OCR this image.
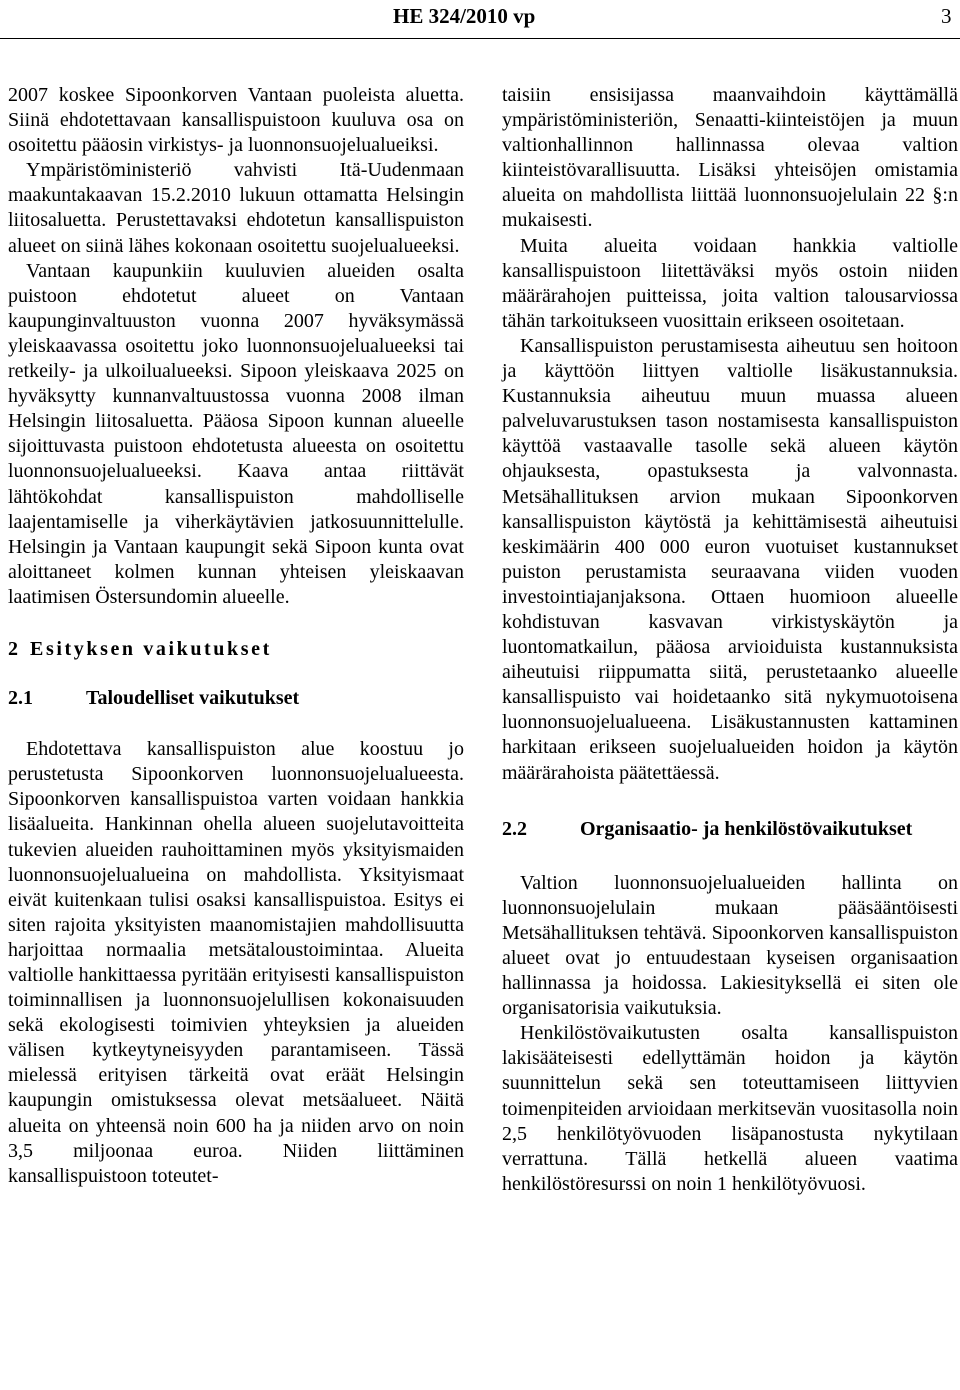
HE 324/2010 vp	3

2007 koskee Sipoonkorven Vantaan puoleista aluetta. Siinä ehdotettavaan kansallispuistoon kuuluva osa on osoitettu pääosin virkistys- ja luonnonsuojelualueiksi.

Ympäristöministeriö vahvisti Itä-Uudenmaan maakuntakaavan 15.2.2010 lukuun ottamatta Helsingin liitosaluetta. Perustettavaksi ehdotetun kansallispuiston alueet on siinä lähes kokonaan osoitettu suojelualueeksi.

Vantaan kaupunkiin kuuluvien alueiden osalta puistoon ehdotetut alueet on Vantaan kaupunginvaltuuston vuonna 2007 hyväksymässä yleiskaavassa osoitettu joko luonnonsuojelualueeksi tai retkeily- ja ulkoilualueeksi. Sipoon yleiskaava 2025 on hyväksytty kunnanvaltuustossa vuonna 2008 ilman Helsingin liitosaluetta. Pääosa Sipoon kunnan alueelle sijoittuvasta puistoon ehdotetusta alueesta on osoitettu luonnonsuojelualueeksi. Kaava antaa riittävät lähtökohdat kansallispuiston mahdolliselle laajentamiselle ja viherkäytävien jatkosuunnittelulle. Helsingin ja Vantaan kaupungit sekä Sipoon kunta ovat aloittaneet kolmen kunnan yhteisen yleiskaavan laatimisen Östersundomin alueelle.

2 Esityksen vaikutukset
2.1	Taloudelliset vaikutukset

Ehdotettava kansallispuiston alue koostuu jo perustetusta Sipoonkorven luonnonsuojelualueesta. Sipoonkorven kansallispuistoa varten voidaan hankkia lisäalueita. Hankinnan ohella alueen suojelutavoitteita tukevien alueiden rauhoittaminen myös yksityismaiden luonnonsuojelualueina on mahdollista. Yksityismaat eivät kuitenkaan tulisi osaksi kansallispuistoa. Esitys ei siten rajoita yksityisten maanomistajien mahdollisuutta harjoittaa normaalia metsätaloustoimintaa. Alueita valtiolle hankittaessa pyritään erityisesti kansallispuiston toiminnallisen ja luonnonsuojelullisen kokonaisuuden sekä ekologisesti toimivien yhteyksien ja alueiden välisen kytkeytyneisyyden parantamiseen. Tässä mielessä erityisen tärkeitä ovat eräät Helsingin kaupungin omistuksessa olevat metsäalueet. Näitä alueita on yhteensä noin 600 ha ja niiden arvo on noin 3,5 miljoonaa euroa. Niiden liittäminen kansallispuistoon toteutet-

taisiin ensisijassa maanvaihdoin käyttämällä ympäristöministeriön, Senaatti-kiinteistöjen ja muun valtionhallinnon hallinnassa olevaa valtion kiinteistövarallisuutta. Lisäksi yhteisöjen omistamia alueita on mahdollista liittää luonnonsuojelulain 22 §:n mukaisesti.

Muita alueita voidaan hankkia valtiolle kansallispuistoon liitettäväksi myös ostoin niiden määrärahojen puitteissa, joita valtion talousarviossa tähän tarkoitukseen vuosittain erikseen osoitetaan.

Kansallispuiston perustamisesta aiheutuu sen hoitoon ja käyttöön liittyen valtiolle lisäkustannuksia. Kustannuksia aiheutuu muun muassa alueen palveluvarustuksen tason nostamisesta kansallispuiston käyttöä vastaavalle tasolle sekä alueen käytön ohjauksesta, opastuksesta ja valvonnasta. Metsähallituksen arvion mukaan Sipoonkorven kansallispuiston käytöstä ja kehittämisestä aiheutuisi keskimäärin 400 000 euron vuotuiset kustannukset puiston perustamista seuraavana viiden vuoden investointiajanjaksona. Ottaen huomioon alueelle kohdistuvan kasvavan virkistyskäytön ja luontomatkailun, pääosa arvioiduista kustannuksista aiheutuisi riippumatta siitä, perustetaanko alueelle kansallispuisto vai hoidetaanko sitä nykymuotoisena luonnonsuojelualueena. Lisäkustannusten kattaminen harkitaan erikseen suojelualueiden hoidon ja käytön määrärahoista päätettäessä.

2.2	Organisaatio- ja henkilöstövaikutukset

Valtion luonnonsuojelualueiden hallinta on luonnonsuojelulain mukaan pääsääntöisesti Metsähallituksen tehtävä. Sipoonkorven kansallispuiston alueet ovat jo entuudestaan kyseisen organisaation hallinnassa ja hoidossa. Lakiesityksellä ei siten ole organisatorisia vaikutuksia.

Henkilöstövaikutusten osalta kansallispuiston lakisääteisesti edellyttämän hoidon ja käytön suunnittelun sekä sen toteuttamiseen liittyvien toimenpiteiden arvioidaan merkitsevän vuositasolla noin 2,5 henkilötyövuoden lisäpanostusta nykytilaan verrattuna. Tällä hetkellä alueen vaatima henkilöstöresurssi on noin 1 henkilötyövuosi.
